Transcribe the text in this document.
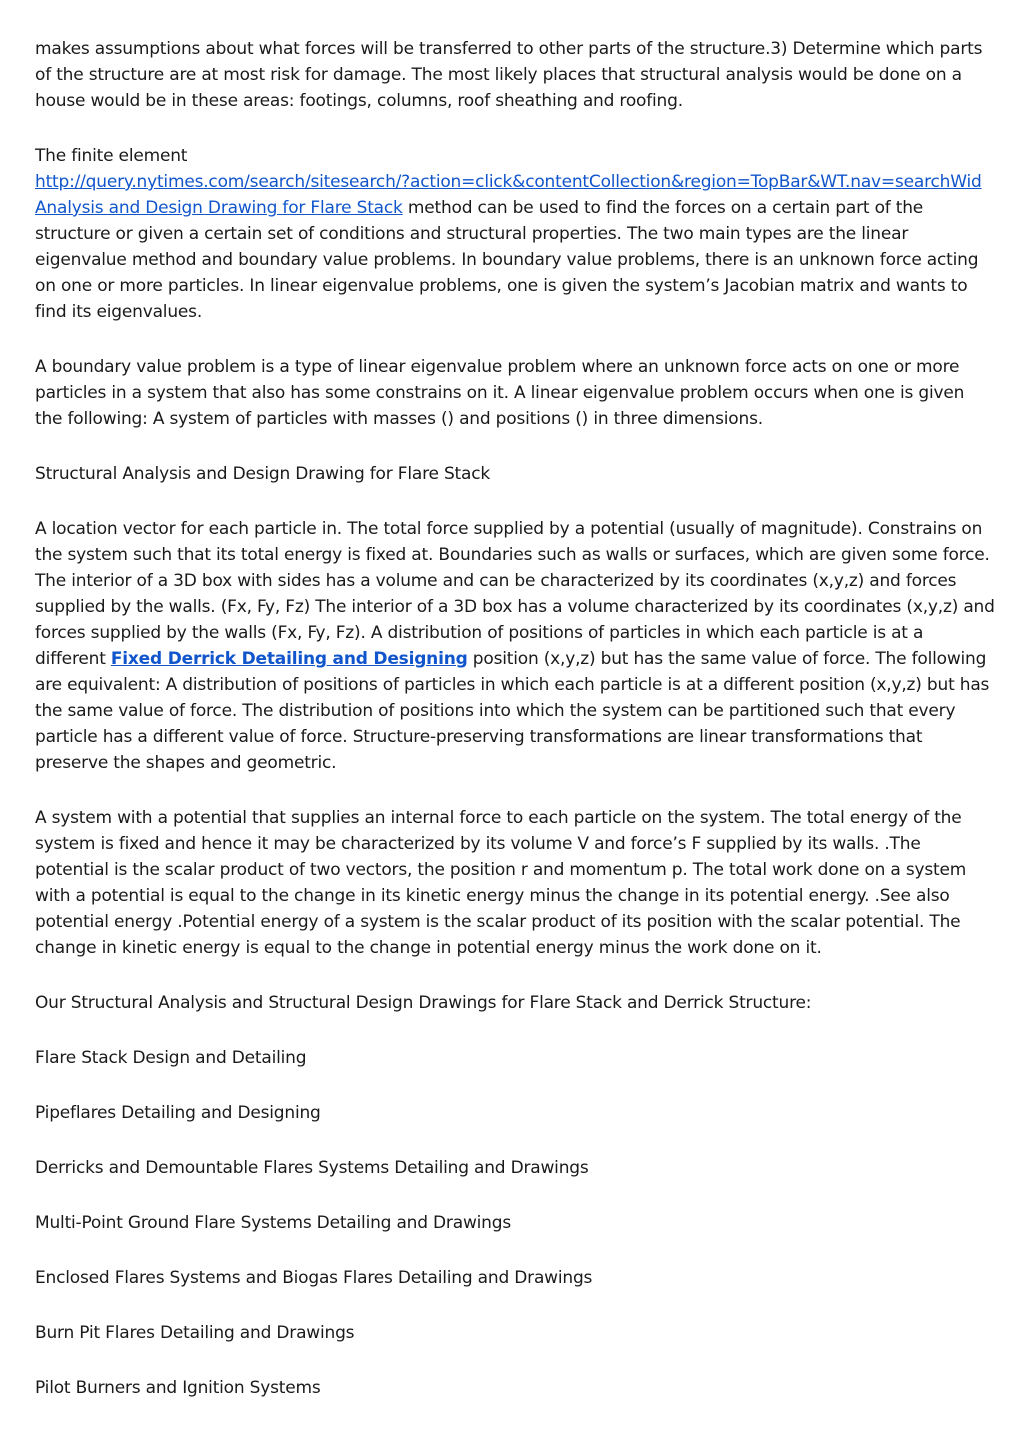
makes assumptions about what forces will be transferred to other parts of the structure.3) Determine which parts of the structure are at most risk for damage. The most likely places that structural analysis would be done on a house would be in these areas: footings, columns, roof sheathing and roofing.

The finite element

http://query.nytimes.com/search/sitesearch/?action=click&contentCollection&region=TopBar&WT.nav=searchWid
Analysis and Design Drawing for Flare Stack method can be used to find the forces on a certain part of the structure or given a certain set of conditions and structural properties. The two main types are the linear eigenvalue method and boundary value problems. In boundary value problems, there is an unknown force acting on one or more particles. In linear eigenvalue problems, one is given the system’s Jacobian matrix and wants to find its eigenvalues.

A boundary value problem is a type of linear eigenvalue problem where an unknown force acts on one or more particles in a system that also has some constrains on it. A linear eigenvalue problem occurs when one is given the following: A system of particles with masses () and positions () in three dimensions.

Structural Analysis and Design Drawing for Flare Stack

A location vector for each particle in. The total force supplied by a potential (usually of magnitude). Constrains on the system such that its total energy is fixed at. Boundaries such as walls or surfaces, which are given some force. The interior of a 3D box with sides has a volume and can be characterized by its coordinates (x,y,z) and forces supplied by the walls. (Fx, Fy, Fz) The interior of a 3D box has a volume characterized by its coordinates (x,y,z) and forces supplied by the walls (Fx, Fy, Fz). A distribution of positions of particles in which each particle is at a different Fixed Derrick Detailing and Designing position (x,y,z) but has the same value of force. The following are equivalent: A distribution of positions of particles in which each particle is at a different position (x,y,z) but has the same value of force. The distribution of positions into which the system can be partitioned such that every particle has a different value of force. Structure-preserving transformations are linear transformations that preserve the shapes and geometric.

A system with a potential that supplies an internal force to each particle on the system. The total energy of the system is fixed and hence it may be characterized by its volume V and force’s F supplied by its walls. .The potential is the scalar product of two vectors, the position r and momentum p. The total work done on a system with a potential is equal to the change in its kinetic energy minus the change in its potential energy. .See also potential energy .Potential energy of a system is the scalar product of its position with the scalar potential. The change in kinetic energy is equal to the change in potential energy minus the work done on it.

Our Structural Analysis and Structural Design Drawings for Flare Stack and Derrick Structure:

Flare Stack Design and Detailing

Pipeflares Detailing and Designing

Derricks and Demountable Flares Systems Detailing and Drawings

Multi-Point Ground Flare Systems Detailing and Drawings

Enclosed Flares Systems and Biogas Flares Detailing and Drawings

Burn Pit Flares Detailing and Drawings

Pilot Burners and Ignition Systems
